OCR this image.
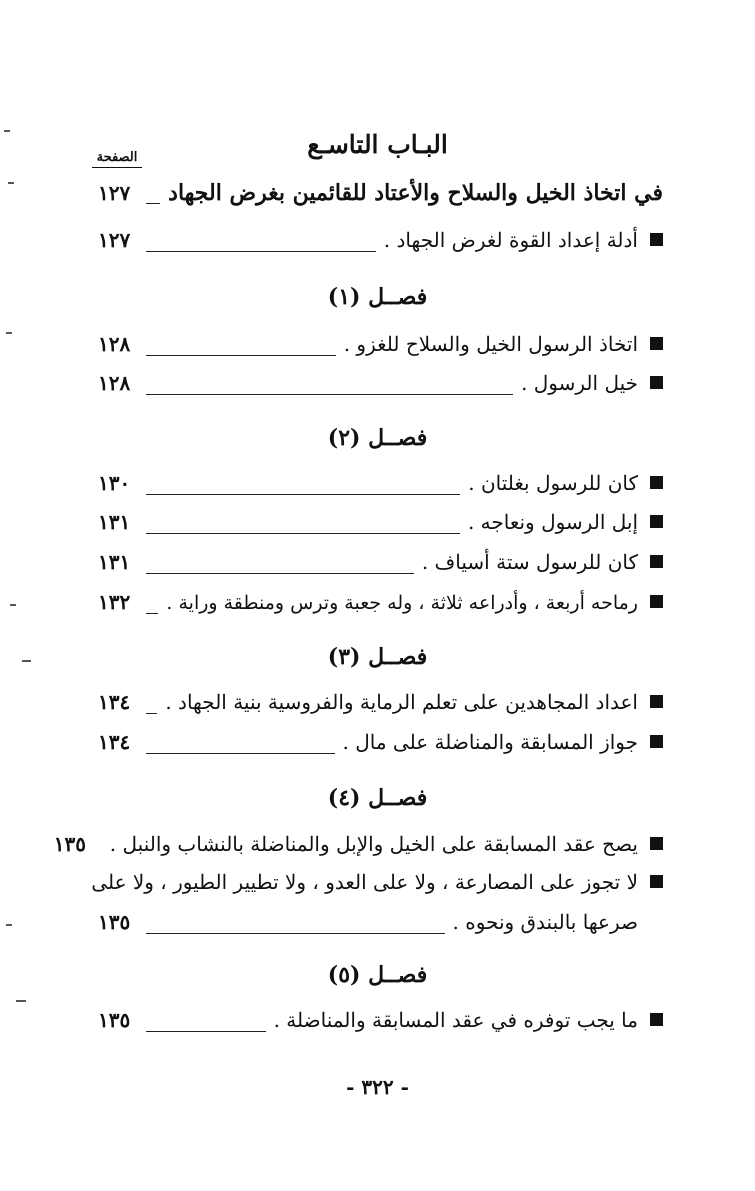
البـاب التاسـع
الصفحة
في اتخاذ الخيل والسلاح والأعتاد للقائمين بغرض الجهاد
١٢٧
أدلة إعداد القوة لغرض الجهاد .
١٢٧
فصــل (١)
اتخاذ الرسول الخيل والسلاح للغزو .
١٢٨
خيل الرسول .
١٢٨
فصــل (٢)
كان للرسول بغلتان .
١٣٠
إبل الرسول ونعاجه .
١٣١
كان للرسول ستة أسياف .
١٣١
رماحه أربعة ، وأدراعه ثلاثة ، وله جعبة وترس ومنطقة وراية .
١٣٢
فصــل (٣)
اعداد المجاهدين على تعلم الرماية والفروسية بنية الجهاد .
١٣٤
جواز المسابقة والمناضلة على مال .
١٣٤
فصــل (٤)
يصح عقد المسابقة على الخيل والإبل والمناضلة بالنشاب والنبل .
١٣٥
لا تجوز على المصارعة ، ولا على العدو ، ولا تطيير الطيور ، ولا على
صرعها بالبندق ونحوه .
١٣٥
فصــل (٥)
ما يجب توفره في عقد المسابقة والمناضلة .
١٣٥
- ٣٢٢ -
